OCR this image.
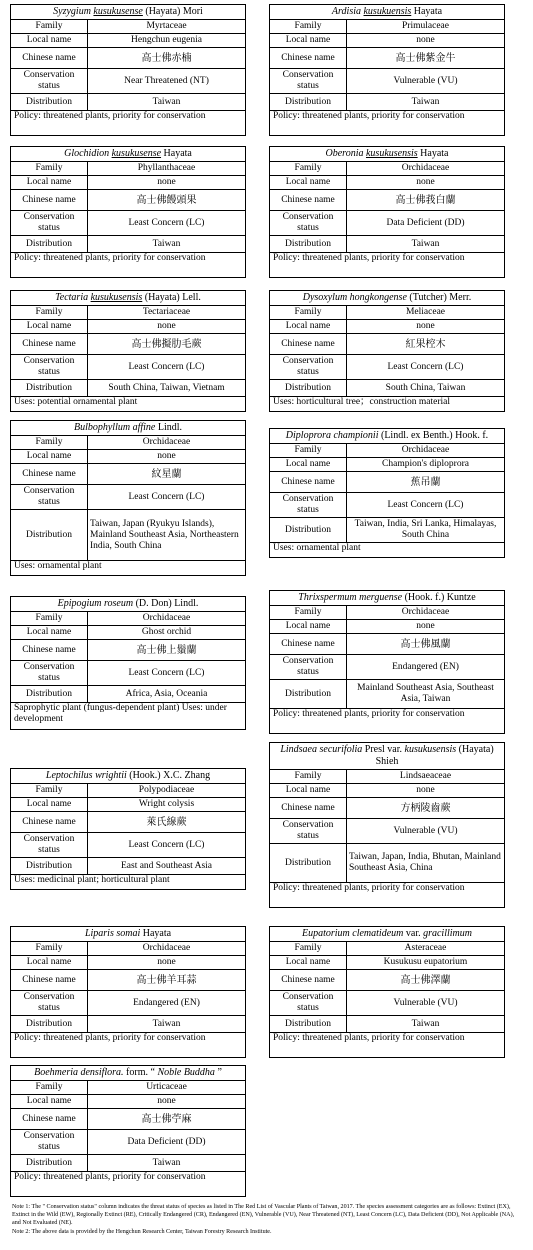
Syzygium kusukusense (Hayata) Mori
Family	Myrtaceae
Local name	Hengchun eugenia
Chinese name	高士佛赤楠
Conservation status	Near Threatened (NT)
Distribution	Taiwan
Policy: threatened plants, priority for conservation
Ardisia kusukuensis Hayata
Family	Primulaceae
Local name	none
Chinese name	高士佛紫金牛
Conservation status	Vulnerable (VU)
Distribution	Taiwan
Policy: threatened plants, priority for conservation
Glochidion kusukusense Hayata
Family	Phyllanthaceae
Local name	none
Chinese name	高士佛饅頭果
Conservation status	Least Concern (LC)
Distribution	Taiwan
Policy: threatened plants, priority for conservation
Oberonia kusukusensis Hayata
Family	Orchidaceae
Local name	none
Chinese name	高士佛莪白蘭
Conservation status	Data Deficient (DD)
Distribution	Taiwan
Policy: threatened plants, priority for conservation
Tectaria kusukusensis (Hayata) Lell.
Family	Tectariaceae
Local name	none
Chinese name	高士佛擬肋毛蕨
Conservation status	Least Concern (LC)
Distribution	South China, Taiwan, Vietnam
Uses: potential ornamental plant
Dysoxylum hongkongense (Tutcher) Merr.
Family	Meliaceae
Local name	none
Chinese name	紅果椌木
Conservation status	Least Concern (LC)
Distribution	South China, Taiwan
Uses: horticultural tree；construction material
Bulbophyllum affine Lindl.
Family	Orchidaceae
Local name	none
Chinese name	紋星蘭
Conservation status	Least Concern (LC)
Distribution	Taiwan, Japan (Ryukyu Islands), Mainland Southeast Asia, Northeastern India, South China
Uses: ornamental plant
Diploprora championii (Lindl. ex Benth.) Hook. f.
Family	Orchidaceae
Local name	Champion's diploprora
Chinese name	蕉吊蘭
Conservation status	Least Concern (LC)
Distribution	Taiwan, India, Sri Lanka, Himalayas, South China
Uses: ornamental plant
Epipogium roseum (D. Don) Lindl.
Family	Orchidaceae
Local name	Ghost orchid
Chinese name	高士佛上鬚蘭
Conservation status	Least Concern (LC)
Distribution	Africa, Asia, Oceania
Saprophytic plant (fungus-dependent plant) Uses: under development
Thrixspermum merguense (Hook. f.) Kuntze
Family	Orchidaceae
Local name	none
Chinese name	高士佛風蘭
Conservation status	Endangered (EN)
Distribution	Mainland Southeast Asia, Southeast Asia, Taiwan
Policy: threatened plants, priority for conservation
Lindsaea securifolia Presl var. kusukusensis (Hayata) Shieh
Family	Lindsaeaceae
Local name	none
Chinese name	方柄陵齒蕨
Conservation status	Vulnerable (VU)
Distribution	Taiwan, Japan, India, Bhutan, Mainland Southeast Asia, China
Policy: threatened plants, priority for conservation
Leptochilus wrightii (Hook.) X.C. Zhang
Family	Polypodiaceae
Local name	Wright colysis
Chinese name	萊氏線蕨
Conservation status	Least Concern (LC)
Distribution	East and Southeast Asia
Uses: medicinal plant; horticultural plant
Eupatorium clematideum var. gracillimum
Family	Asteraceae
Local name	Kusukusu eupatorium
Chinese name	高士佛澤蘭
Conservation status	Vulnerable (VU)
Distribution	Taiwan
Policy: threatened plants, priority for conservation
Liparis somai Hayata
Family	Orchidaceae
Local name	none
Chinese name	高士佛羊耳蒜
Conservation status	Endangered (EN)
Distribution	Taiwan
Policy: threatened plants, priority for conservation
Boehmeria densiflora. form. “ Noble Buddha ”
Family	Urticaceae
Local name	none
Chinese name	高士佛苧麻
Conservation status	Data Deficient (DD)
Distribution	Taiwan
Policy: threatened plants, priority for conservation
Note 1: The " Conservation status" column indicates the threat status of species as listed in The Red List of Vascular Plants of Taiwan, 2017. The species assessment categories are as follows: Extinct (EX), Extinct in the Wild (EW), Regionally Extinct (RE), Critically Endangered (CR), Endangered (EN), Vulnerable (VU), Near Threatened (NT), Least Concern (LC), Data Deficient (DD), Not Applicable (NA), and Not Evaluated (NE).
Note 2: The above data is provided by the Hengchun Research Center, Taiwan Forestry Research Institute.
